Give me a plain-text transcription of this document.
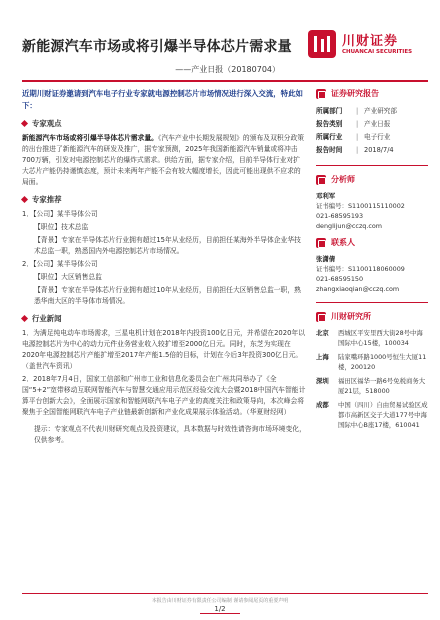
新能源汽车市场或将引爆半导体芯片需求量
——产业日报（20180704）
川财证券
CHUANCAI SECURITIES
近期川财证券邀请到汽车电子行业专家就电源控制芯片市场情况进行深入交流，特此如下：
专家观点
新能源汽车市场或将引爆半导体芯片需求量。《汽车产业中长期发展规划》的颁布及双积分政策的出台推进了新能源汽车的研发及推广，据专家预测，2025年我国新能源汽车销量或将冲击700万辆，引发对电源控制芯片的爆炸式需求。供给方面，据专家介绍，目前半导体行业对扩大芯片产能仍持谨慎态度，预计未来两年产能不会有较大幅度增长，因此可能出现供不应求的局面。
专家推荐
1．【公司】某半导体公司
【职位】技术总监
【背景】专家在半导体芯片行业拥有超过15年从业经历，目前担任某海外半导体企业华技术总监一职，熟悉国内外电源控制芯片市场情况。
2．【公司】某半导体公司
【职位】大区销售总监
【背景】专家在半导体芯片行业拥有超过10年从业经历，目前担任大区销售总监一职，熟悉华南大区的半导体市场情况。
行业新闻
1．为满足纯电动车市场需求，三星电机计划在2018年内投资100亿日元，并希望在2020年以电源控制芯片为中心的动力元件业务营业收入较扩增至2000亿日元。同时，东芝为实现在2020年电源控制芯片产能扩增至2017年产能1.5倍的目标，计划在今后3年投资300亿日元。（盖世汽车资讯）
2．2018年7月4日，国家工信部和广州市工业和信息化委员会在广州共同举办了《全国“5+2”宽带移动互联网智能汽车与智慧交通应用示范区经验交流大会暨2018中国汽车智能计算平台创新大会》，全面展示国家和智能网联汽车电子产业的高度关注和政策导向，本次峰会将聚焦于全国智能网联汽车电子产业链最新创新和产业化成果展示体验活动。（华夏财经网）
提示：专家观点不代表川财研究观点及投资建议，具本数据与时效性请咨询市场环境变化，仅供参考。
证券研究报告
所属部门	| 产业研究部
报告类别	| 产业日报
所属行业	| 电子行业
报告时间	| 2018/7/4
分析师
邓利军
证书编号：S1100115110002
021-68595193
denglijun@cczq.com
联系人
张潇倩
证书编号：S1100118060009
021-68595150
zhangxiaoqian@cczq.com
川财研究所
北京	西城区平安里西大街28号中海国际中心15楼，100034
上海	陆家嘴环路1000号恒生大厦11楼，200120
深圳	福田区福华一路6号免税商务大厦21层，518000
成都	中国（四川）自由贸易试验区成都市高新区交子大道177号中海国际中心B座17楼，610041
本报告由川财证券有限责任公司编制 谨请参阅尾页的重要声明
1/2
